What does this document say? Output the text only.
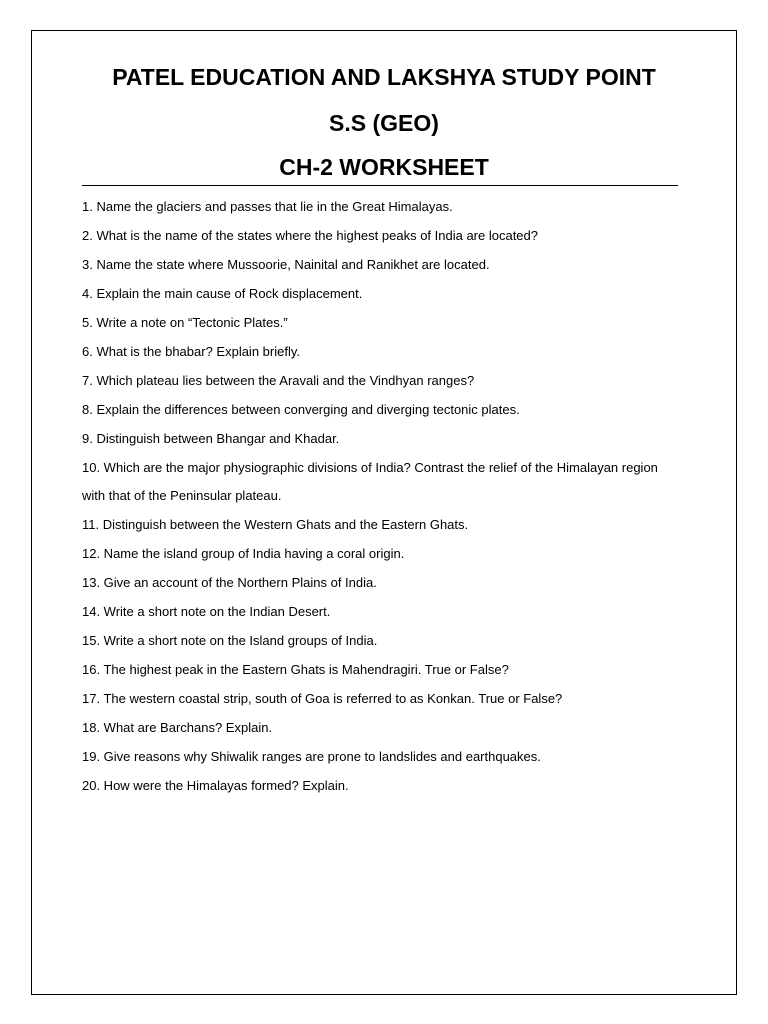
PATEL EDUCATION AND LAKSHYA STUDY POINT
S.S (GEO)
CH-2 WORKSHEET
1. Name the glaciers and passes that lie in the Great Himalayas.
2. What is the name of the states where the highest peaks of India are located?
3. Name the state where Mussoorie, Nainital and Ranikhet are located.
4. Explain the main cause of Rock displacement.
5. Write a note on “Tectonic Plates.”
6. What is the bhabar? Explain briefly.
7. Which plateau lies between the Aravali and the Vindhyan ranges?
8. Explain the differences between converging and diverging tectonic plates.
9. Distinguish between Bhangar and Khadar.
10. Which are the major physiographic divisions of India? Contrast the relief of the Himalayan region
with that of the Peninsular plateau.
11. Distinguish between the Western Ghats and the Eastern Ghats.
12. Name the island group of India having a coral origin.
13. Give an account of the Northern Plains of India.
14. Write a short note on the Indian Desert.
15. Write a short note on the Island groups of India.
16. The highest peak in the Eastern Ghats is Mahendragiri. True or False?
17. The western coastal strip, south of Goa is referred to as Konkan. True or False?
18. What are Barchans? Explain.
19. Give reasons why Shiwalik ranges are prone to landslides and earthquakes.
20. How were the Himalayas formed? Explain.
